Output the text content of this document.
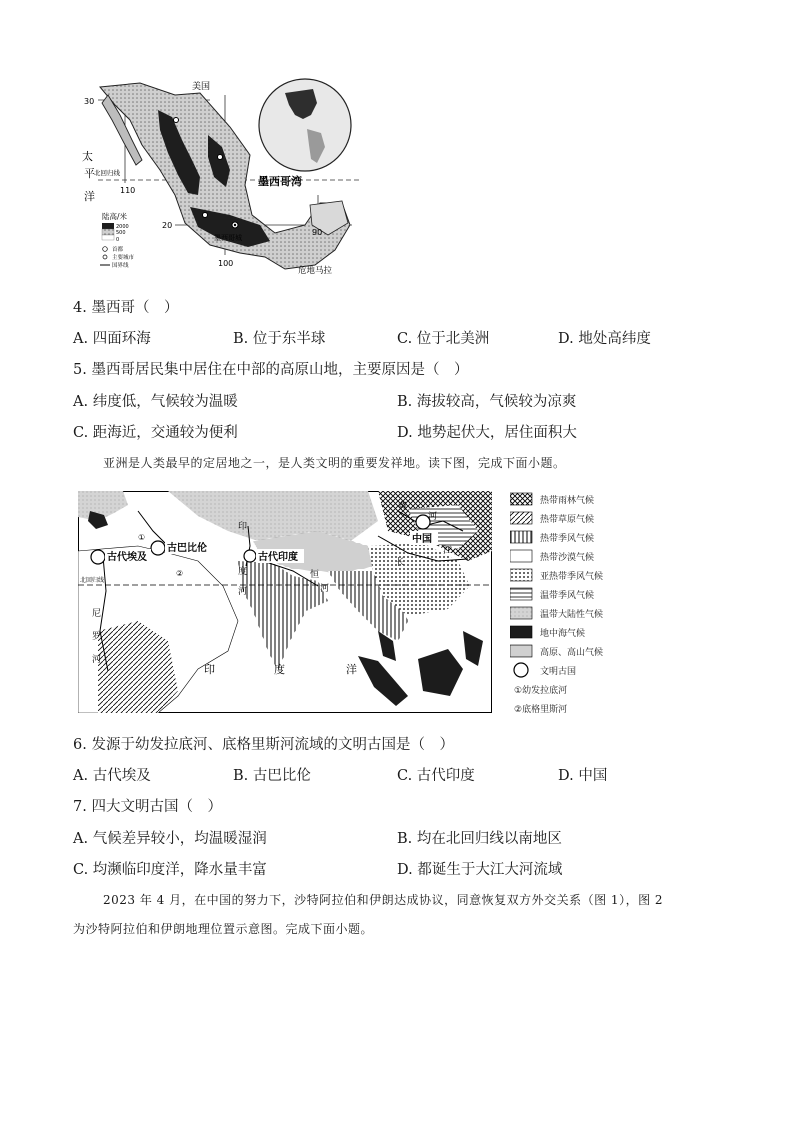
美国
30
太
平 北回归线
洋	110
墨西哥湾
20
墨西哥城
100
90
危地马拉
陆高/米
2000
500
0
首都
主要城市
国界线
4. 墨西哥（　）
A. 四面环海	B. 位于东半球	C. 位于北美洲	D. 地处高纬度
5. 墨西哥居民集中居住在中部的高原山地，主要原因是（　）
A. 纬度低，气候较为温暖	B. 海拔较高，气候较为凉爽
C. 距海近，交通较为便利	D. 地势起伏大，居住面积大
亚洲是人类最早的定居地之一，是人类文明的重要发祥地。读下图，完成下面小题。
古代埃及
古巴比伦
古代印度
中国
①
②
北回归线
尼
罗
河
印
度
河
恒
河
黄
河
长
江
印	度	洋
热带雨林气候
热带草原气候
热带季风气候
热带沙漠气候
亚热带季风气候
温带季风气候
温带大陆性气候
地中海气候
高原、高山气候
文明古国
①幼发拉底河
②底格里斯河
6. 发源于幼发拉底河、底格里斯河流域的文明古国是（　）
A. 古代埃及	B. 古巴比伦	C. 古代印度	D. 中国
7. 四大文明古国（　）
A. 气候差异较小，均温暖湿润	B. 均在北回归线以南地区
C. 均濒临印度洋，降水量丰富	D. 都诞生于大江大河流域
2023 年 4 月，在中国的努力下，沙特阿拉伯和伊朗达成协议，同意恢复双方外交关系（图 1），图 2
为沙特阿拉伯和伊朗地理位置示意图。完成下面小题。
